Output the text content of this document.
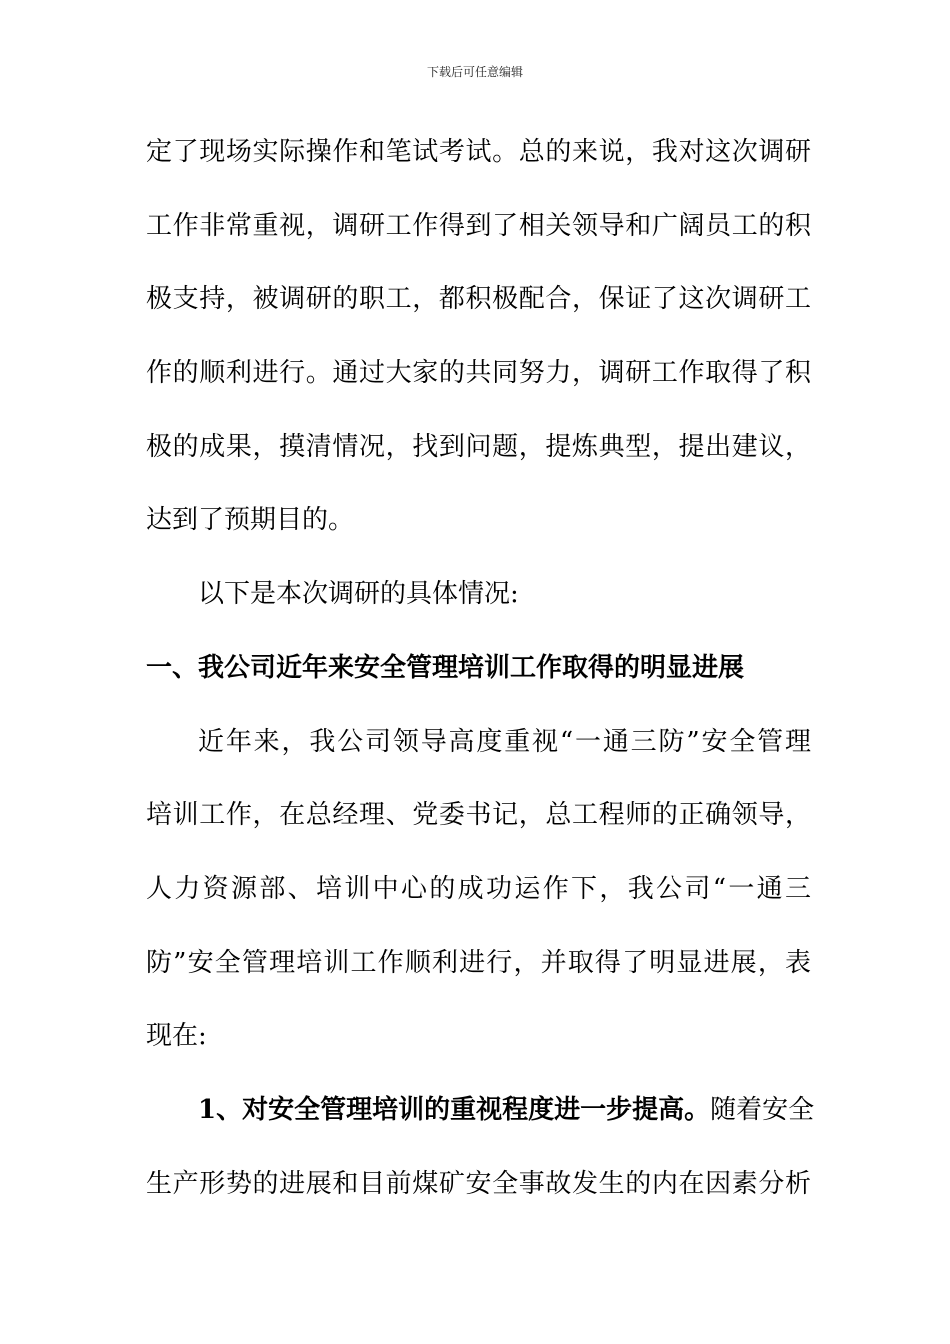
下载后可任意编辑
定了现场实际操作和笔试考试。总的来说，我对这次调研
工作非常重视，调研工作得到了相关领导和广阔员工的积
极支持，被调研的职工，都积极配合，保证了这次调研工
作的顺利进行。通过大家的共同努力，调研工作取得了积
极的成果，摸清情况，找到问题，提炼典型，提出建议，
达到了预期目的。
以下是本次调研的具体情况:
一、我公司近年来安全管理培训工作取得的明显进展
近年来，我公司领导高度重视“一通三防”安全管理
培训工作，在总经理、党委书记，总工程师的正确领导，
人力资源部、培训中心的成功运作下，我公司“一通三
防”安全管理培训工作顺利进行，并取得了明显进展，表
现在:
1、对安全管理培训的重视程度进一步提高。随着安全
生产形势的进展和目前煤矿安全事故发生的内在因素分析
